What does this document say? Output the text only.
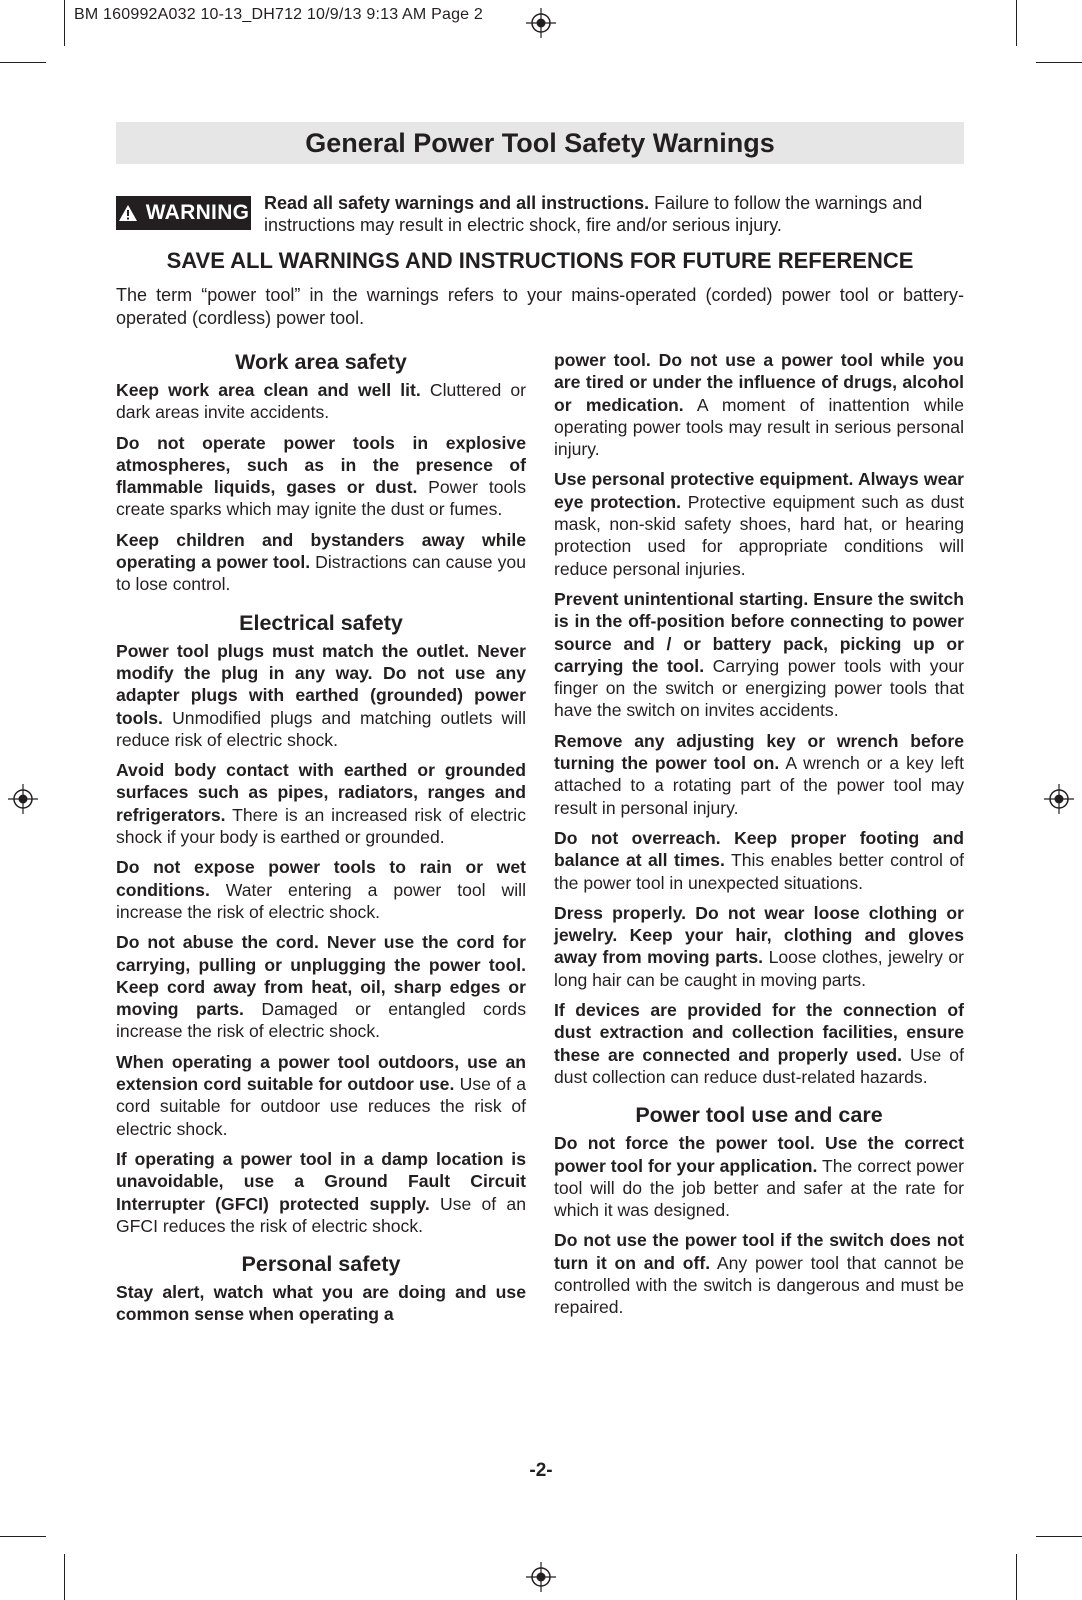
BM 160992A032 10-13_DH712 10/9/13 9:13 AM Page 2
General Power Tool Safety Warnings
WARNING Read all safety warnings and all instructions. Failure to follow the warnings and instructions may result in electric shock, fire and/or serious injury.
SAVE ALL WARNINGS AND INSTRUCTIONS FOR FUTURE REFERENCE
The term “power tool” in the warnings refers to your mains-operated (corded) power tool or battery-operated (cordless) power tool.
Work area safety

Keep work area clean and well lit. Cluttered or dark areas invite accidents.

Do not operate power tools in explosive atmospheres, such as in the presence of flammable liquids, gases or dust. Power tools create sparks which may ignite the dust or fumes.

Keep children and bystanders away while operating a power tool. Distractions can cause you to lose control.

Electrical safety

Power tool plugs must match the outlet. Never modify the plug in any way. Do not use any adapter plugs with earthed (grounded) power tools. Unmodified plugs and matching outlets will reduce risk of electric shock.

Avoid body contact with earthed or grounded surfaces such as pipes, radiators, ranges and refrigerators. There is an increased risk of electric shock if your body is earthed or grounded.

Do not expose power tools to rain or wet conditions. Water entering a power tool will increase the risk of electric shock.

Do not abuse the cord. Never use the cord for carrying, pulling or unplugging the power tool. Keep cord away from heat, oil, sharp edges or moving parts. Damaged or entangled cords increase the risk of electric shock.

When operating a power tool outdoors, use an extension cord suitable for outdoor use. Use of a cord suitable for outdoor use reduces the risk of electric shock.

If operating a power tool in a damp location is unavoidable, use a Ground Fault Circuit Interrupter (GFCI) protected supply. Use of an GFCI reduces the risk of electric shock.

Personal safety

Stay alert, watch what you are doing and use common sense when operating a

power tool. Do not use a power tool while you are tired or under the influence of drugs, alcohol or medication. A moment of inattention while operating power tools may result in serious personal injury.

Use personal protective equipment. Always wear eye protection. Protective equipment such as dust mask, non-skid safety shoes, hard hat, or hearing protection used for appropriate conditions will reduce personal injuries.

Prevent unintentional starting. Ensure the switch is in the off-position before connecting to power source and / or battery pack, picking up or carrying the tool. Carrying power tools with your finger on the switch or energizing power tools that have the switch on invites accidents.

Remove any adjusting key or wrench before turning the power tool on. A wrench or a key left attached to a rotating part of the power tool may result in personal injury.

Do not overreach. Keep proper footing and balance at all times. This enables better control of the power tool in unexpected situations.

Dress properly. Do not wear loose clothing or jewelry. Keep your hair, clothing and gloves away from moving parts. Loose clothes, jewelry or long hair can be caught in moving parts.

If devices are provided for the connection of dust extraction and collection facilities, ensure these are connected and properly used. Use of dust collection can reduce dust-related hazards.

Power tool use and care

Do not force the power tool. Use the correct power tool for your application. The correct power tool will do the job better and safer at the rate for which it was designed.

Do not use the power tool if the switch does not turn it on and off. Any power tool that cannot be controlled with the switch is dangerous and must be repaired.

-2-
